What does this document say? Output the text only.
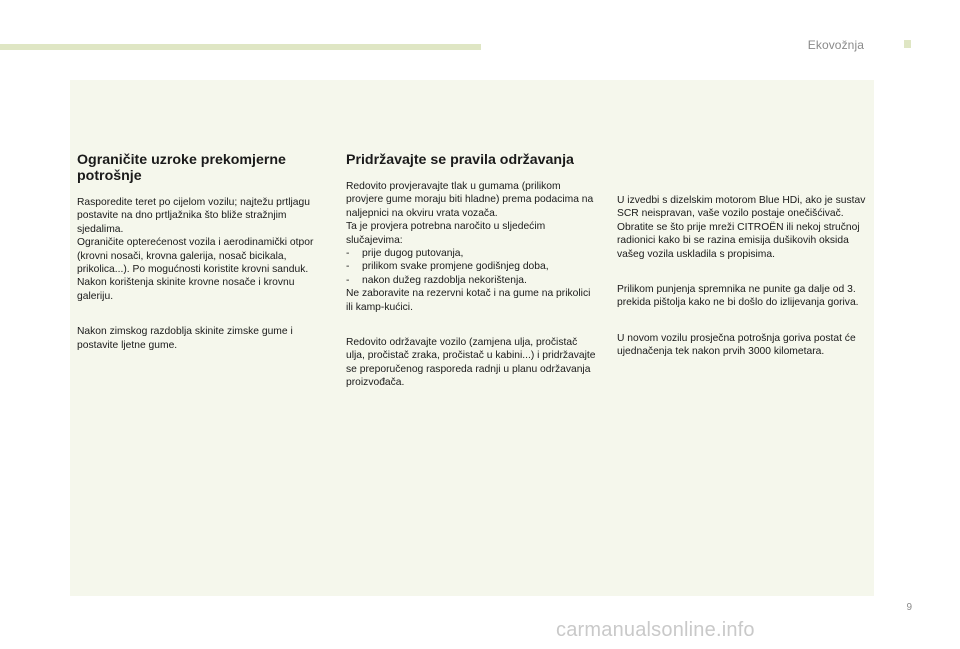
Ekovožnja
Ograničite uzroke prekomjerne potrošnje
Rasporedite teret po cijelom vozilu; najtežu prtljagu postavite na dno prtljažnika što bliže stražnjim sjedalima.
Ograničite opterećenost vozila i aerodinamički otpor (krovni nosači, krovna galerija, nosač bicikala, prikolica...). Po mogućnosti koristite krovni sanduk.
Nakon korištenja skinite krovne nosače i krovnu galeriju.
Nakon zimskog razdoblja skinite zimske gume i postavite ljetne gume.
Pridržavajte se pravila održavanja
Redovito provjeravajte tlak u gumama (prilikom provjere gume moraju biti hladne) prema podacima na naljepnici na okviru vrata vozača.
Ta je provjera potrebna naročito u sljedećim slučajevima:
-	prije dugog putovanja,
-	prilikom svake promjene godišnjeg doba,
-	nakon dužeg razdoblja nekorištenja.
Ne zaboravite na rezervni kotač i na gume na prikolici ili kamp-kućici.
Redovito održavajte vozilo (zamjena ulja, pročistač ulja, pročistač zraka, pročistač u kabini...) i pridržavajte se preporučenog rasporeda radnji u planu održavanja proizvođača.
U izvedbi s dizelskim motorom Blue HDi, ako je sustav SCR neispravan, vaše vozilo postaje onečišćivač. Obratite se što prije mreži CITROËN ili nekoj stručnoj radionici kako bi se razina emisija dušikovih oksida vašeg vozila uskladila s propisima.
Prilikom punjenja spremnika ne punite ga dalje od 3. prekida pištolja kako ne bi došlo do izlijevanja goriva.
U novom vozilu prosječna potrošnja goriva postat će ujednačenja tek nakon prvih 3000 kilometara.
9
carmanualsonline.info
